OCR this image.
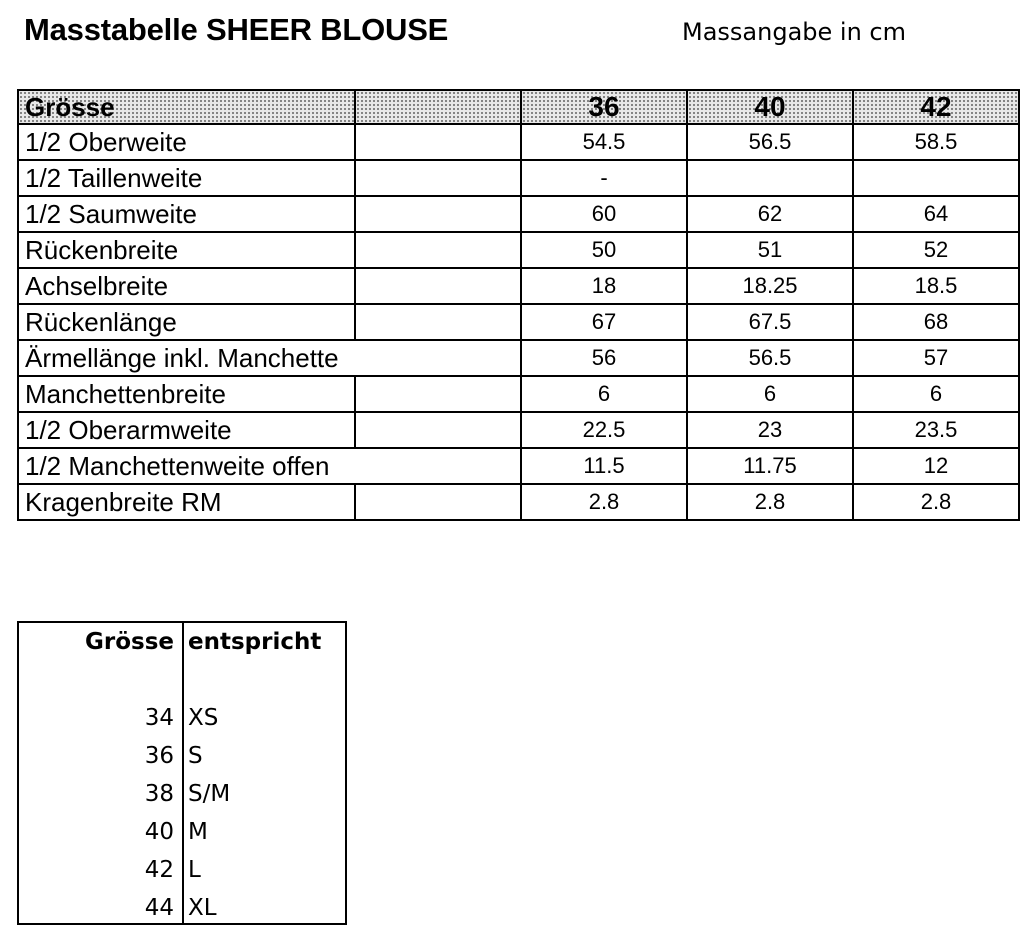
Masstabelle SHEER BLOUSE	Massangabe in cm
Grösse		36	40	42
1/2 Oberweite		54.5	56.5	58.5
1/2 Taillenweite		-		
1/2 Saumweite		60	62	64
Rückenbreite		50	51	52
Achselbreite		18	18.25	18.5
Rückenlänge		67	67.5	68
Ärmellänge inkl. Manchette		56	56.5	57
Manchettenbreite		6	6	6
1/2 Oberarmweite		22.5	23	23.5
1/2 Manchettenweite offen		11.5	11.75	12
Kragenbreite RM		2.8	2.8	2.8
Grösse entspricht
34 XS
36 S
38 S/M
40 M
42 L
44 XL
